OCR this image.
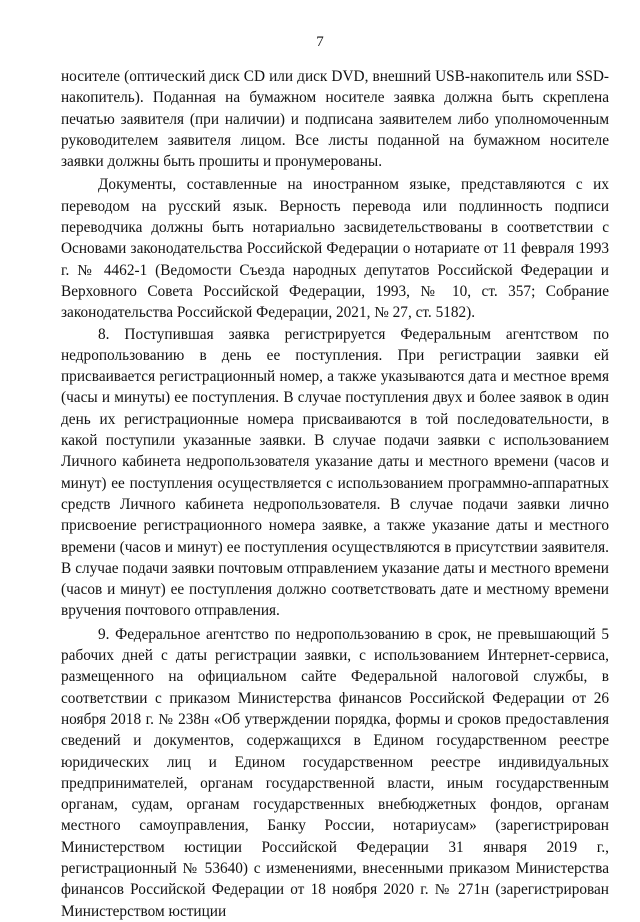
7

носителе (оптический диск CD или диск DVD, внешний USB-накопитель или SSD-накопитель). Поданная на бумажном носителе заявка должна быть скреплена печатью заявителя (при наличии) и подписана заявителем либо уполномоченным руководителем заявителя лицом. Все листы поданной на бумажном носителе заявки должны быть прошиты и пронумерованы.

Документы, составленные на иностранном языке, представляются с их переводом на русский язык. Верность перевода или подлинность подписи переводчика должны быть нотариально засвидетельствованы в соответствии с Основами законодательства Российской Федерации о нотариате от 11 февраля 1993 г. № 4462-1 (Ведомости Съезда народных депутатов Российской Федерации и Верховного Совета Российской Федерации, 1993, № 10, ст. 357; Собрание законодательства Российской Федерации, 2021, № 27, ст. 5182).

8. Поступившая заявка регистрируется Федеральным агентством по недропользованию в день ее поступления. При регистрации заявки ей присваивается регистрационный номер, а также указываются дата и местное время (часы и минуты) ее поступления. В случае поступления двух и более заявок в один день их регистрационные номера присваиваются в той последовательности, в какой поступили указанные заявки. В случае подачи заявки с использованием Личного кабинета недропользователя указание даты и местного времени (часов и минут) ее поступления осуществляется с использованием программно-аппаратных средств Личного кабинета недропользователя. В случае подачи заявки лично присвоение регистрационного номера заявке, а также указание даты и местного времени (часов и минут) ее поступления осуществляются в присутствии заявителя. В случае подачи заявки почтовым отправлением указание даты и местного времени (часов и минут) ее поступления должно соответствовать дате и местному времени вручения почтового отправления.

9. Федеральное агентство по недропользованию в срок, не превышающий 5 рабочих дней с даты регистрации заявки, с использованием Интернет-сервиса, размещенного на официальном сайте Федеральной налоговой службы, в соответствии с приказом Министерства финансов Российской Федерации от 26 ноября 2018 г. № 238н «Об утверждении порядка, формы и сроков предоставления сведений и документов, содержащихся в Едином государственном реестре юридических лиц и Едином государственном реестре индивидуальных предпринимателей, органам государственной власти, иным государственным органам, судам, органам государственных внебюджетных фондов, органам местного самоуправления, Банку России, нотариусам» (зарегистрирован Министерством юстиции Российской Федерации 31 января 2019 г., регистрационный № 53640) с изменениями, внесенными приказом Министерства финансов Российской Федерации от 18 ноября 2020 г. № 271н (зарегистрирован Министерством юстиции
